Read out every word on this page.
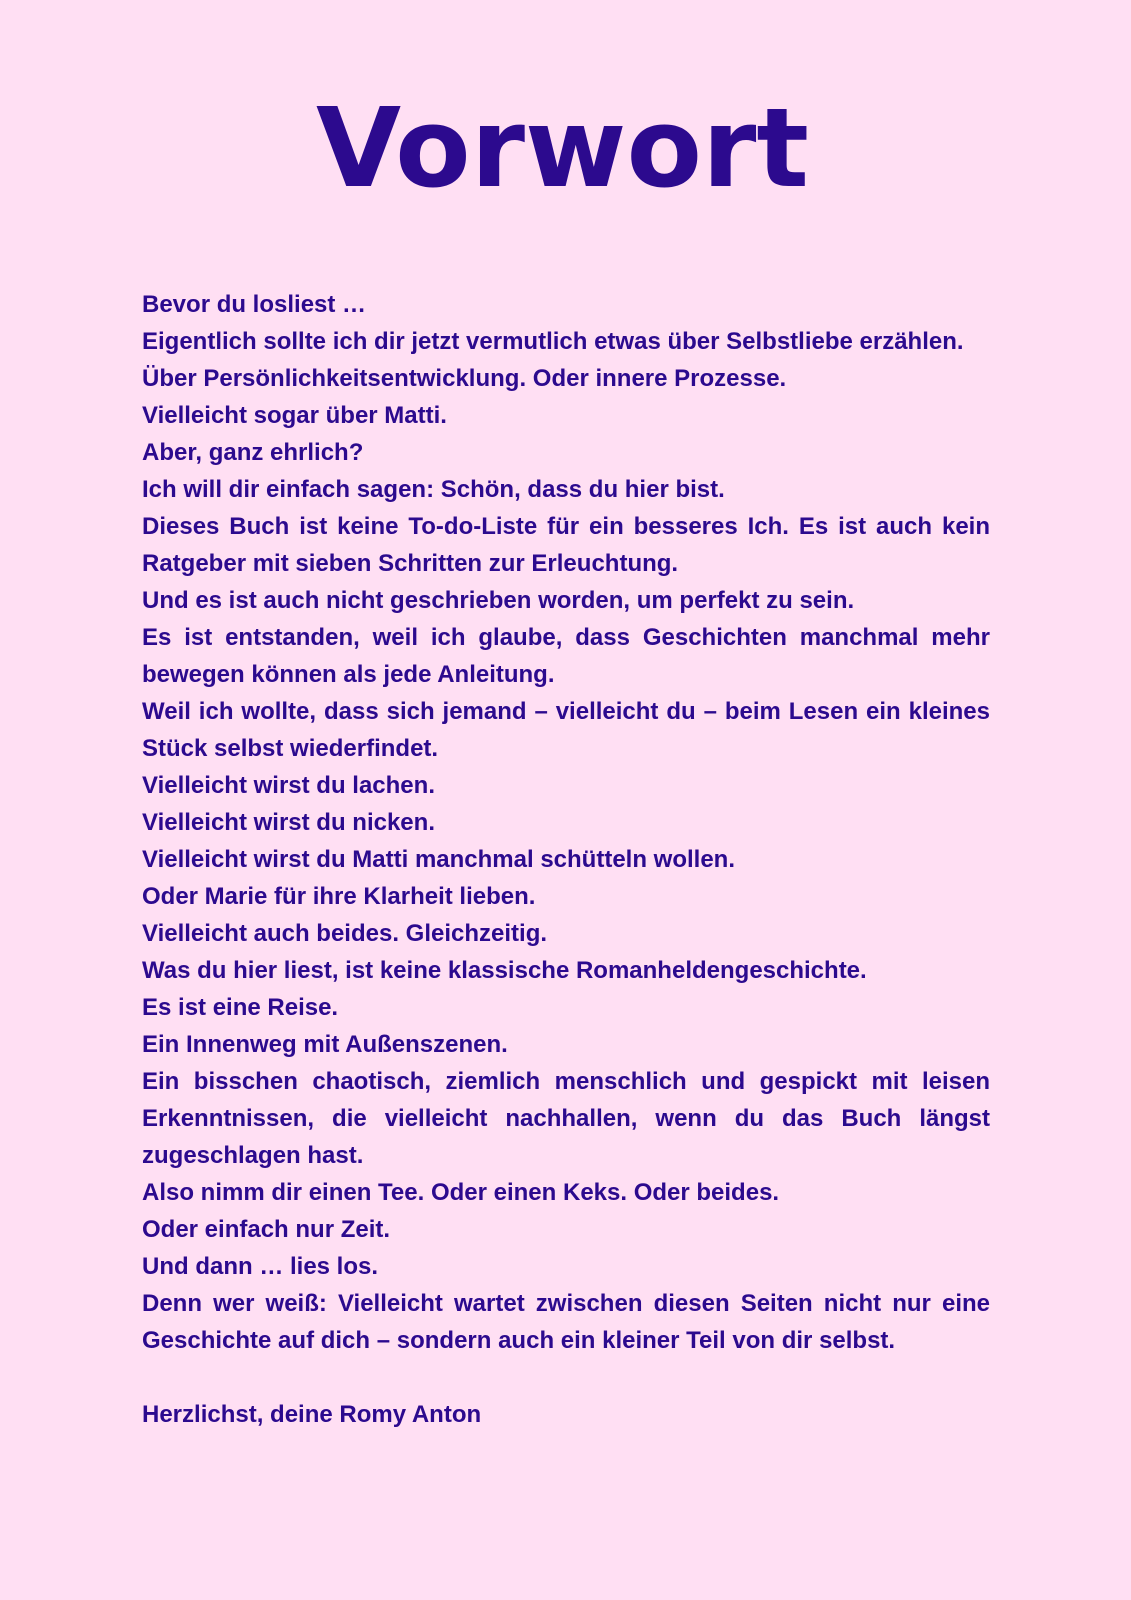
Vorwort

Bevor du losliest …

Eigentlich sollte ich dir jetzt vermutlich etwas über Selbstliebe erzählen.

Über Persönlichkeitsentwicklung. Oder innere Prozesse.

Vielleicht sogar über Matti.

Aber, ganz ehrlich?

Ich will dir einfach sagen: Schön, dass du hier bist.

Dieses Buch ist keine To-do-Liste für ein besseres Ich. Es ist auch kein Ratgeber mit sieben Schritten zur Erleuchtung.

Und es ist auch nicht geschrieben worden, um perfekt zu sein.

Es ist entstanden, weil ich glaube, dass Geschichten manchmal mehr bewegen können als jede Anleitung.

Weil ich wollte, dass sich jemand – vielleicht du – beim Lesen ein kleines Stück selbst wiederfindet.

Vielleicht wirst du lachen.

Vielleicht wirst du nicken.

Vielleicht wirst du Matti manchmal schütteln wollen.

Oder Marie für ihre Klarheit lieben.

Vielleicht auch beides. Gleichzeitig.

Was du hier liest, ist keine klassische Romanheldengeschichte.

Es ist eine Reise.

Ein Innenweg mit Außenszenen.

Ein bisschen chaotisch, ziemlich menschlich und gespickt mit leisen Erkenntnissen, die vielleicht nachhallen, wenn du das Buch längst zugeschlagen hast.

Also nimm dir einen Tee. Oder einen Keks. Oder beides.

Oder einfach nur Zeit.

Und dann … lies los.

Denn wer weiß: Vielleicht wartet zwischen diesen Seiten nicht nur eine Geschichte auf dich – sondern auch ein kleiner Teil von dir selbst.

Herzlichst, deine Romy Anton
